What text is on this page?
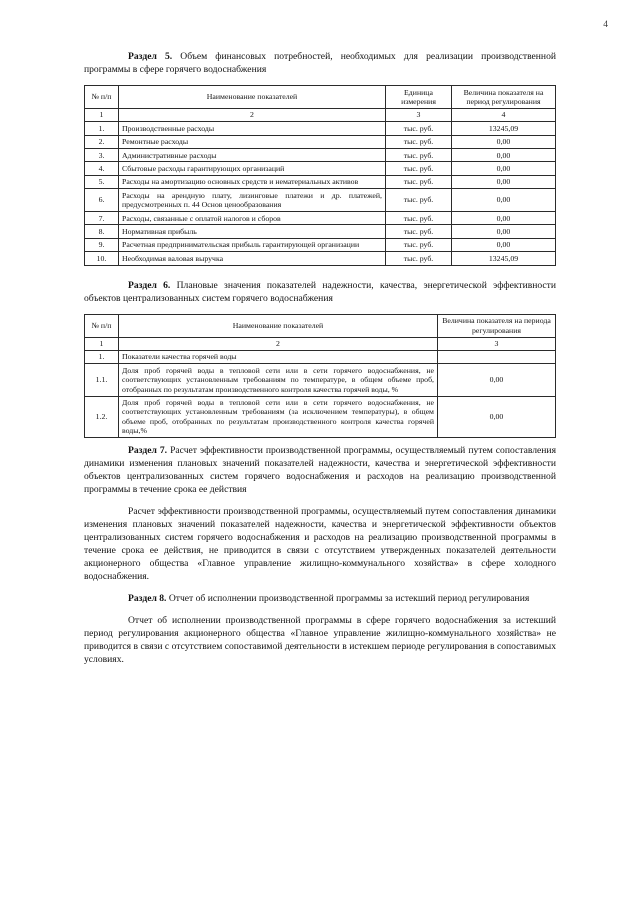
4

Раздел 5. Объем финансовых потребностей, необходимых для реализации производственной программы в сфере горячего водоснабжения

№ п/п	Наименование показателей	Единица измерения	Величина показателя на период регулирования
1	2	3	4
1.	Производственные расходы	тыс. руб.	13245,09
2.	Ремонтные расходы	тыс. руб.	0,00
3.	Административные расходы	тыс. руб.	0,00
4.	Сбытовые расходы гарантирующих организаций	тыс. руб.	0,00
5.	Расходы на амортизацию основных средств и нематериальных активов	тыс. руб.	0,00
6.	Расходы на арендную плату, лизинговые платежи и др. платежей, предусмотренных п. 44 Основ ценообразования	тыс. руб.	0,00
7.	Расходы, связанные с оплатой налогов и сборов	тыс. руб.	0,00
8.	Нормативная прибыль	тыс. руб.	0,00
9.	Расчетная предпринимательская прибыль гарантирующей организации	тыс. руб.	0,00
10.	Необходимая валовая выручка	тыс. руб.	13245,09

Раздел 6. Плановые значения показателей надежности, качества, энергетической эффективности объектов централизованных систем горячего водоснабжения

№ п/п	Наименование показателей	Величина показателя на периода регулирования
1	2	3
1.	Показатели качества горячей воды	
1.1.	Доля проб горячей воды в тепловой сети или в сети горячего водоснабжения, не соответствующих установленным требованиям по температуре, в общем объеме проб, отобранных по результатам производственного контроля качества горячей воды, %	0,00
1.2.	Доля проб горячей воды в тепловой сети или в сети горячего водоснабжения, не соответствующих установленным требованиям (за исключением температуры), в общем объеме проб, отобранных по результатам производственного контроля качества горячей воды,%	0,00

Раздел 7. Расчет эффективности производственной программы, осуществляемый путем сопоставления динамики изменения плановых значений показателей надежности, качества и энергетической эффективности объектов централизованных систем горячего водоснабжения и расходов на реализацию производственной программы в течение срока ее действия

Расчет эффективности производственной программы, осуществляемый путем сопоставления динамики изменения плановых значений показателей надежности, качества и энергетической эффективности объектов централизованных систем горячего водоснабжения и расходов на реализацию производственной программы в течение срока ее действия, не приводится в связи с отсутствием утвержденных показателей деятельности акционерного общества «Главное управление жилищно-коммунального хозяйства» в сфере холодного водоснабжения.

Раздел 8. Отчет об исполнении производственной программы за истекший период регулирования

Отчет об исполнении производственной программы в сфере горячего водоснабжения за истекший период регулирования акционерного общества «Главное управление жилищно-коммунального хозяйства» не приводится в связи с отсутствием сопоставимой деятельности в истекшем периоде регулирования в сопоставимых условиях.
